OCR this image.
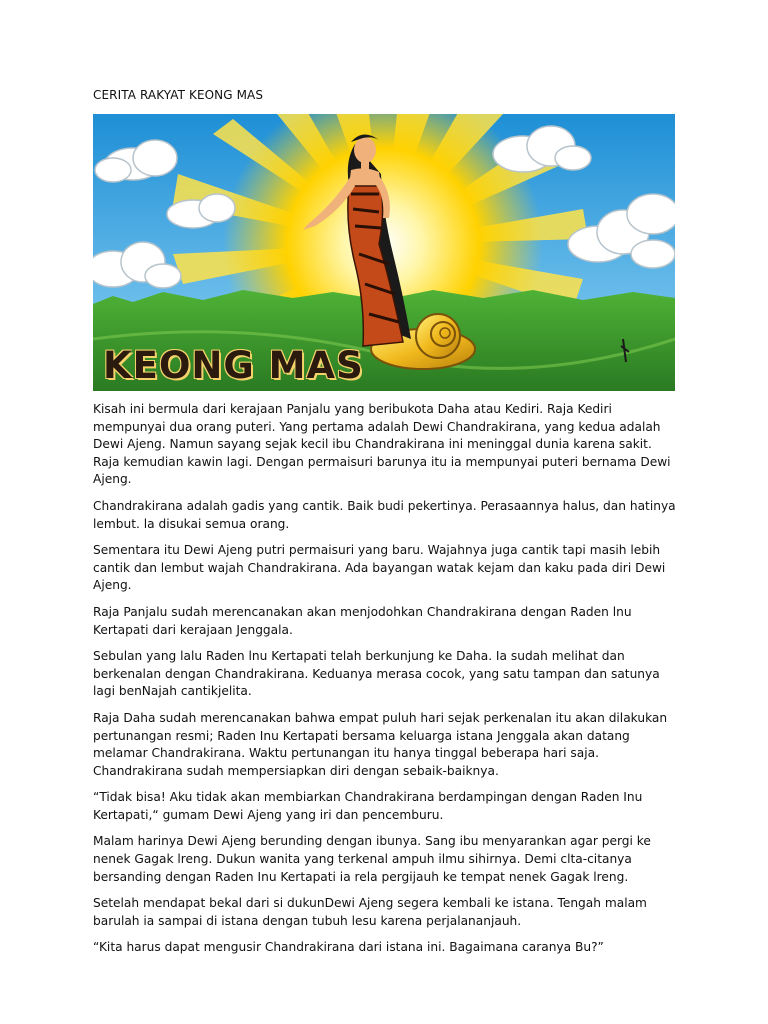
CERITA RAKYAT KEONG MAS
KEONG MAS

Kisah ini bermula dari kerajaan Panjalu yang beribukota Daha atau Kediri. Raja Kediri mempunyai dua orang puteri. Yang pertama adalah Dewi Chandrakirana, yang kedua adalah Dewi Ajeng. Namun sayang sejak kecil ibu Chandrakirana ini meninggal dunia karena sakit. Raja kemudian kawin lagi. Dengan permaisuri barunya itu ia mempunyai puteri bernama Dewi Ajeng.

Chandrakirana adalah gadis yang cantik. Baik budi pekertinya. Perasaannya halus, dan hatinya lembut. la disukai semua orang.

Sementara itu Dewi Ajeng putri permaisuri yang baru. Wajahnya juga cantik tapi masih lebih cantik dan lembut wajah Chandrakirana. Ada bayangan watak kejam dan kaku pada diri Dewi Ajeng.

Raja Panjalu sudah merencanakan akan menjodohkan Chandrakirana dengan Raden lnu Kertapati dari kerajaan Jenggala.

Sebulan yang lalu Raden lnu Kertapati telah berkunjung ke Daha. Ia sudah melihat dan berkenalan dengan Chandrakirana. Keduanya merasa cocok, yang satu tampan dan satunya lagi benNajah cantikjelita.

Raja Daha sudah merencanakan bahwa empat puluh hari sejak perkenalan itu akan dilakukan pertunangan resmi; Raden Inu Kertapati bersama keluarga istana Jenggala akan datang melamar Chandrakirana. Waktu pertunangan itu hanya tinggal beberapa hari saja. Chandrakirana sudah mempersiapkan diri dengan sebaik-baiknya.

“Tidak bisa! Aku tidak akan membiarkan Chandrakirana berdampingan dengan Raden Inu Kertapati,“ gumam Dewi Ajeng yang iri dan pencemburu.

Malam harinya Dewi Ajeng berunding dengan ibunya. Sang ibu menyarankan agar pergi ke nenek Gagak lreng. Dukun wanita yang terkenal ampuh ilmu sihirnya. Demi clta-citanya bersanding dengan Raden Inu Kertapati ia rela pergijauh ke tempat nenek Gagak lreng.

Setelah mendapat bekal dari si dukunDewi Ajeng segera kembali ke istana. Tengah malam barulah ia sampai di istana dengan tubuh lesu karena perjalananjauh.

“Kita harus dapat mengusir Chandrakirana dari istana ini. Bagaimana caranya Bu?”
